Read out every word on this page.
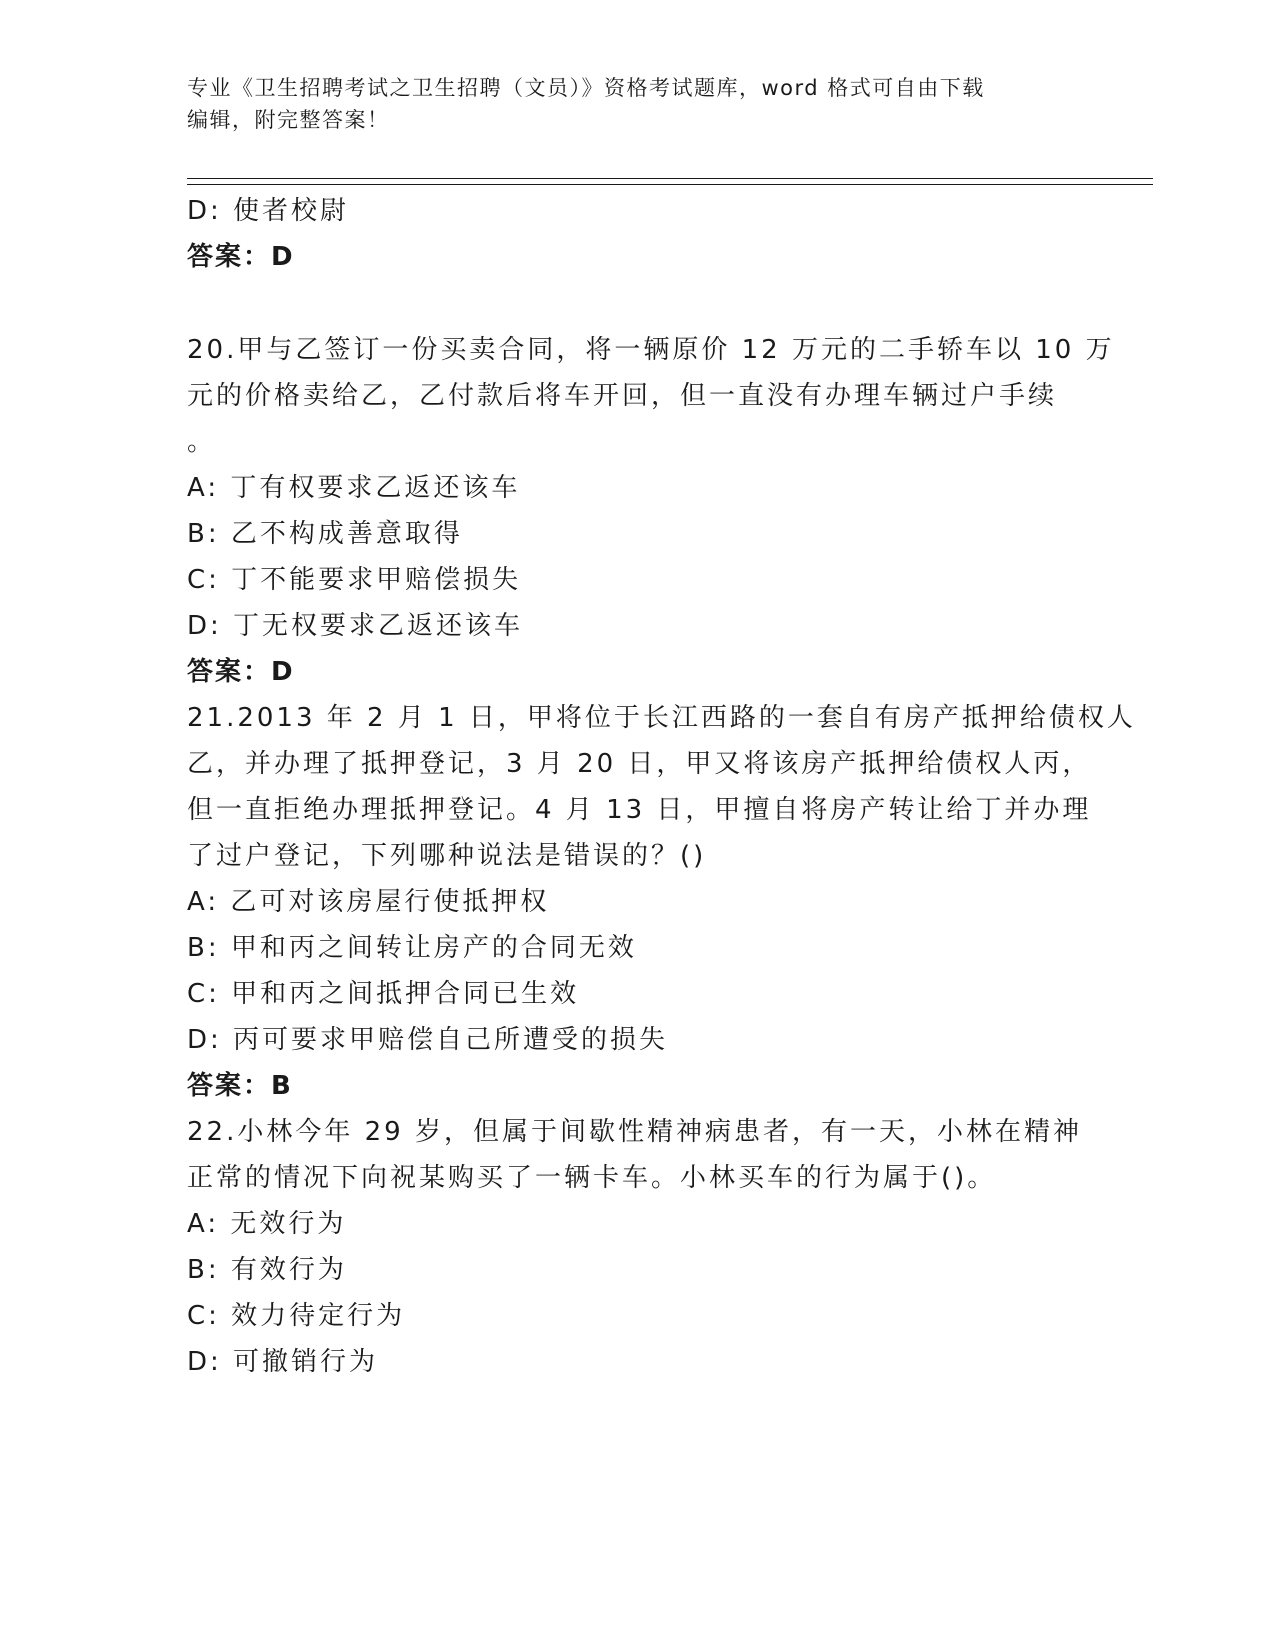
专业《卫生招聘考试之卫生招聘（文员）》资格考试题库，word 格式可自由下载
编辑，附完整答案！
D: 使者校尉
答案：D
20.甲与乙签订一份买卖合同，将一辆原价 12 万元的二手轿车以 10 万
元的价格卖给乙，乙付款后将车开回，但一直没有办理车辆过户手续
。
A: 丁有权要求乙返还该车
B: 乙不构成善意取得
C: 丁不能要求甲赔偿损失
D: 丁无权要求乙返还该车
答案：D
21.2013 年 2 月 1 日，甲将位于长江西路的一套自有房产抵押给债权人
乙，并办理了抵押登记，3 月 20 日，甲又将该房产抵押给债权人丙，
但一直拒绝办理抵押登记。4 月 13 日，甲擅自将房产转让给丁并办理
了过户登记，下列哪种说法是错误的？()
A: 乙可对该房屋行使抵押权
B: 甲和丙之间转让房产的合同无效
C: 甲和丙之间抵押合同已生效
D: 丙可要求甲赔偿自己所遭受的损失
答案：B
22.小林今年 29 岁，但属于间歇性精神病患者，有一天，小林在精神
正常的情况下向祝某购买了一辆卡车。小林买车的行为属于()。
A: 无效行为
B: 有效行为
C: 效力待定行为
D: 可撤销行为
